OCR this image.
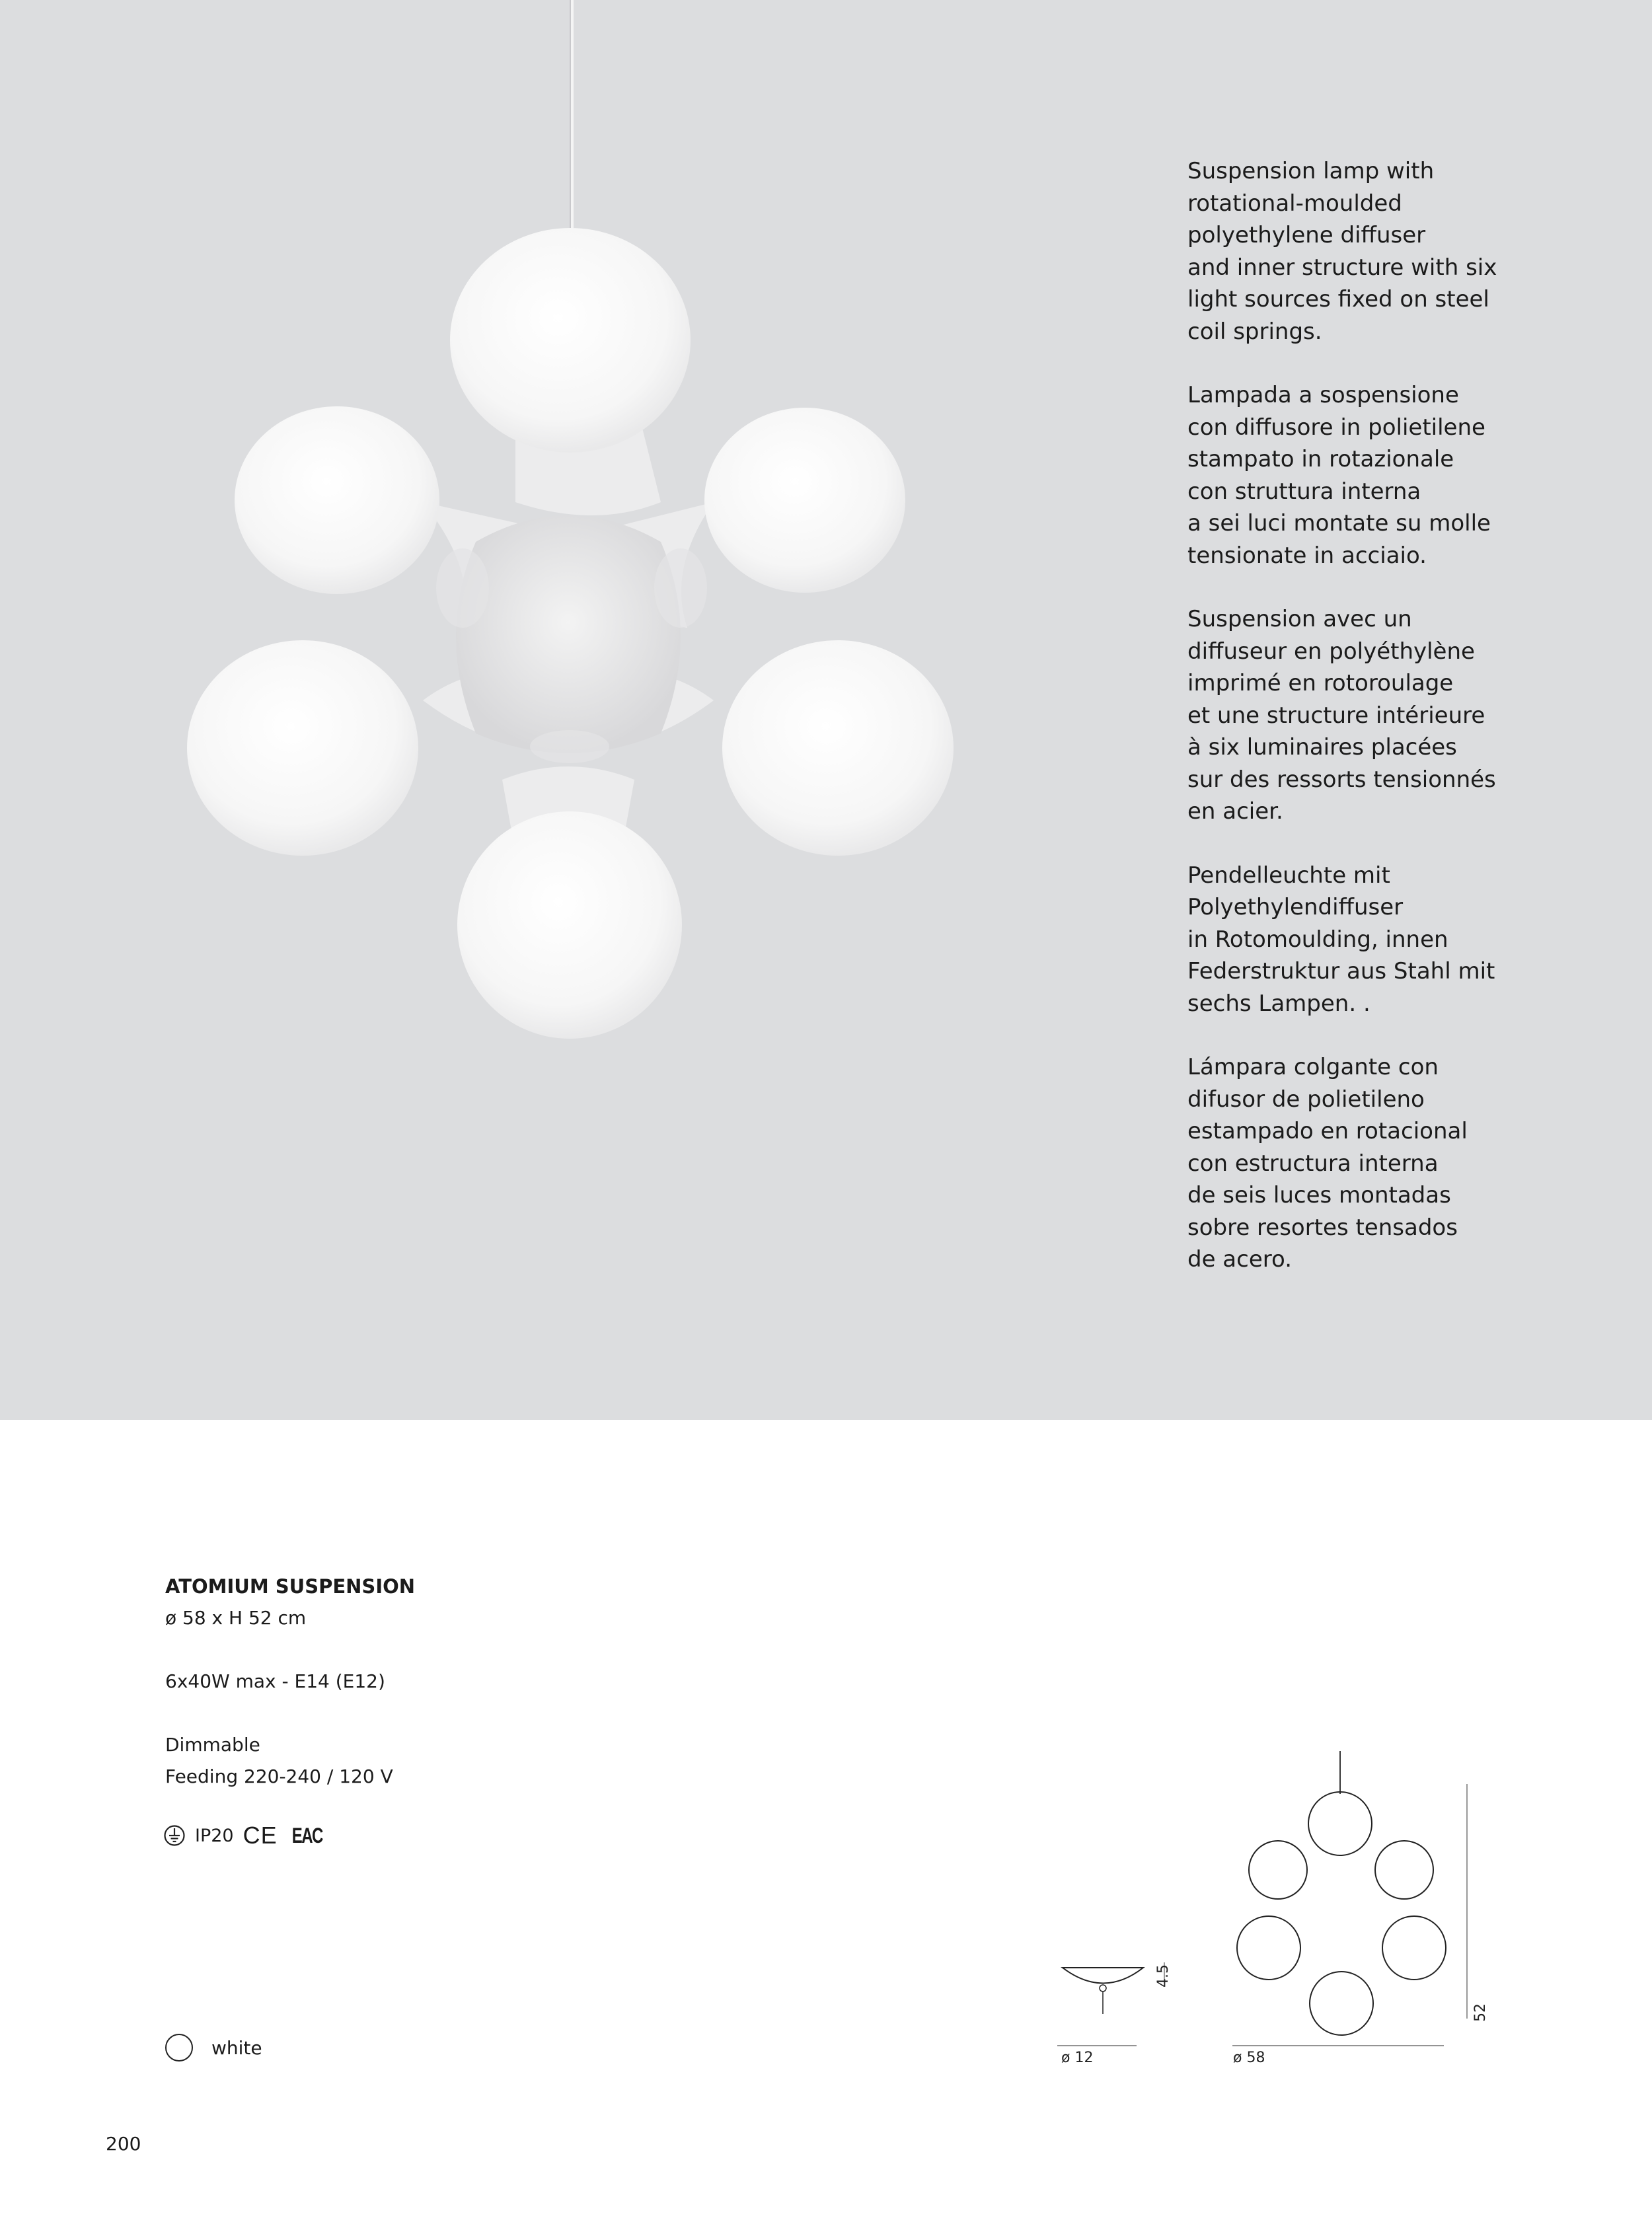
Suspension lamp with
rotational-moulded
polyethylene diffuser
and inner structure with six
light sources fixed on steel
coil springs.

Lampada a sospensione
con diffusore in polietilene
stampato in rotazionale
con struttura interna
a sei luci montate su molle
tensionate in acciaio.

Suspension avec un
diffuseur en polyéthylène
imprimé en rotoroulage
et une structure intérieure
à six luminaires placées
sur des ressorts tensionnés
en acier.

Pendelleuchte mit
Polyethylendiffuser
in Rotomoulding, innen
Federstruktur aus Stahl mit
sechs Lampen. .

Lámpara colgante con
difusor de polietileno
estampado en rotacional
con estructura interna
de seis luces montadas
sobre resortes tensados
de acero.

ATOMIUM SUSPENSION
ø 58 x H 52 cm
6x40W max - E14 (E12)
Dimmable
Feeding 220-240 / 120 V
IP20 CE EAC
white
4.5
ø 12	ø 58
52
200
